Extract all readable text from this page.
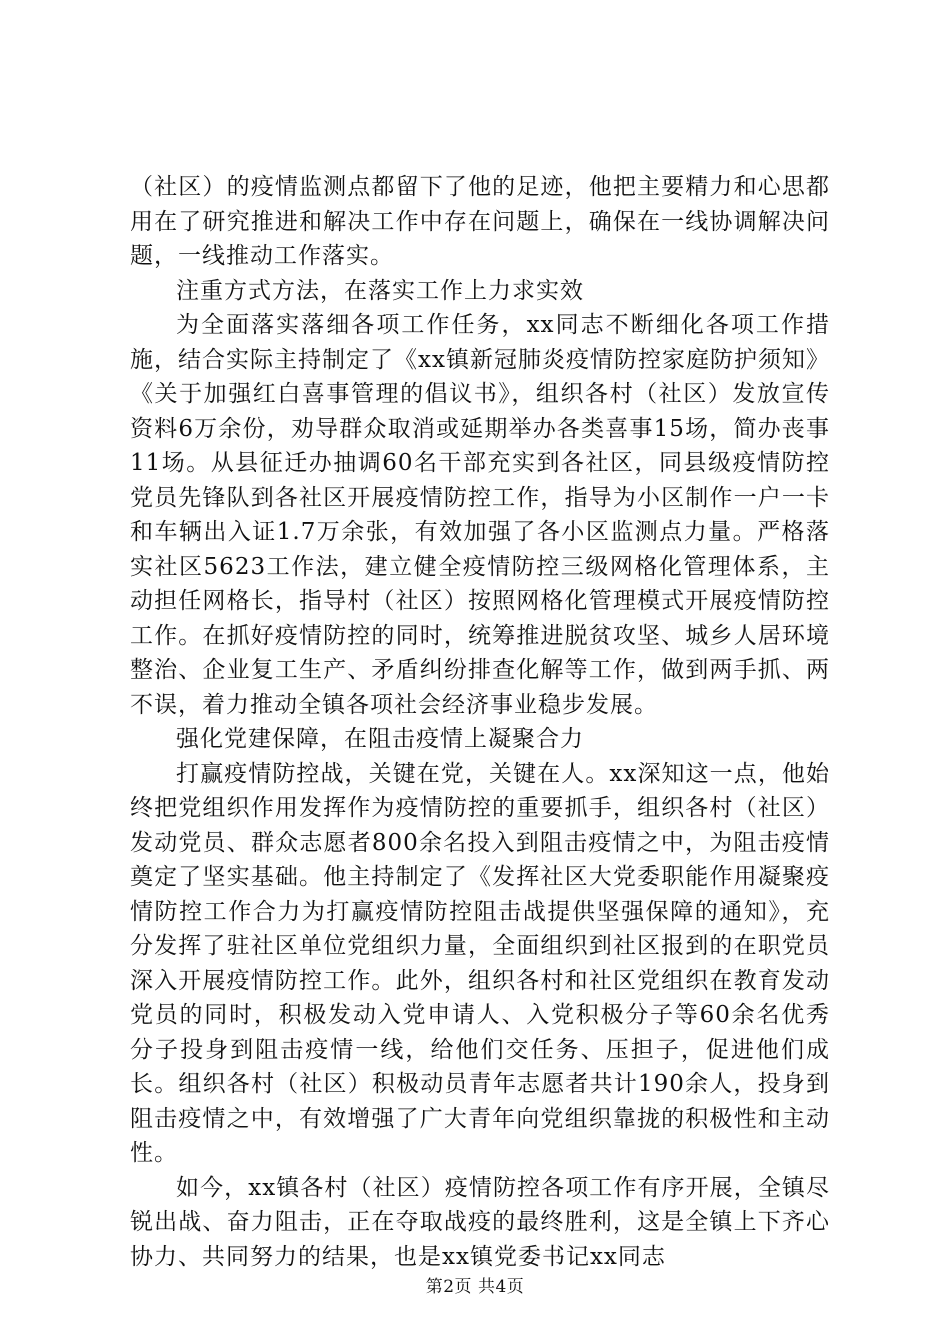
（社区）的疫情监测点都留下了他的足迹，他把主要精力和心思都用在了研究推进和解决工作中存在问题上，确保在一线协调解决问题，一线推动工作落实。

注重方式方法，在落实工作上力求实效

为全面落实落细各项工作任务，xx同志不断细化各项工作措施，结合实际主持制定了《xx镇新冠肺炎疫情防控家庭防护须知》《关于加强红白喜事管理的倡议书》，组织各村（社区）发放宣传资料6万余份，劝导群众取消或延期举办各类喜事15场，简办丧事11场。从县征迁办抽调60名干部充实到各社区，同县级疫情防控党员先锋队到各社区开展疫情防控工作，指导为小区制作一户一卡和车辆出入证1.7万余张，有效加强了各小区监测点力量。严格落实社区5623工作法，建立健全疫情防控三级网格化管理体系，主动担任网格长，指导村（社区）按照网格化管理模式开展疫情防控工作。在抓好疫情防控的同时，统筹推进脱贫攻坚、城乡人居环境整治、企业复工生产、矛盾纠纷排查化解等工作，做到两手抓、两不误，着力推动全镇各项社会经济事业稳步发展。

强化党建保障，在阻击疫情上凝聚合力

打赢疫情防控战，关键在党，关键在人。xx深知这一点，他始终把党组织作用发挥作为疫情防控的重要抓手，组织各村（社区）发动党员、群众志愿者800余名投入到阻击疫情之中，为阻击疫情奠定了坚实基础。他主持制定了《发挥社区大党委职能作用凝聚疫情防控工作合力为打赢疫情防控阻击战提供坚强保障的通知》，充分发挥了驻社区单位党组织力量，全面组织到社区报到的在职党员深入开展疫情防控工作。此外，组织各村和社区党组织在教育发动党员的同时，积极发动入党申请人、入党积极分子等60余名优秀分子投身到阻击疫情一线，给他们交任务、压担子，促进他们成长。组织各村（社区）积极动员青年志愿者共计190余人，投身到阻击疫情之中，有效增强了广大青年向党组织靠拢的积极性和主动性。

如今，xx镇各村（社区）疫情防控各项工作有序开展，全镇尽锐出战、奋力阻击，正在夺取战疫的最终胜利，这是全镇上下齐心协力、共同努力的结果，也是xx镇党委书记xx同志

第2页 共4页
